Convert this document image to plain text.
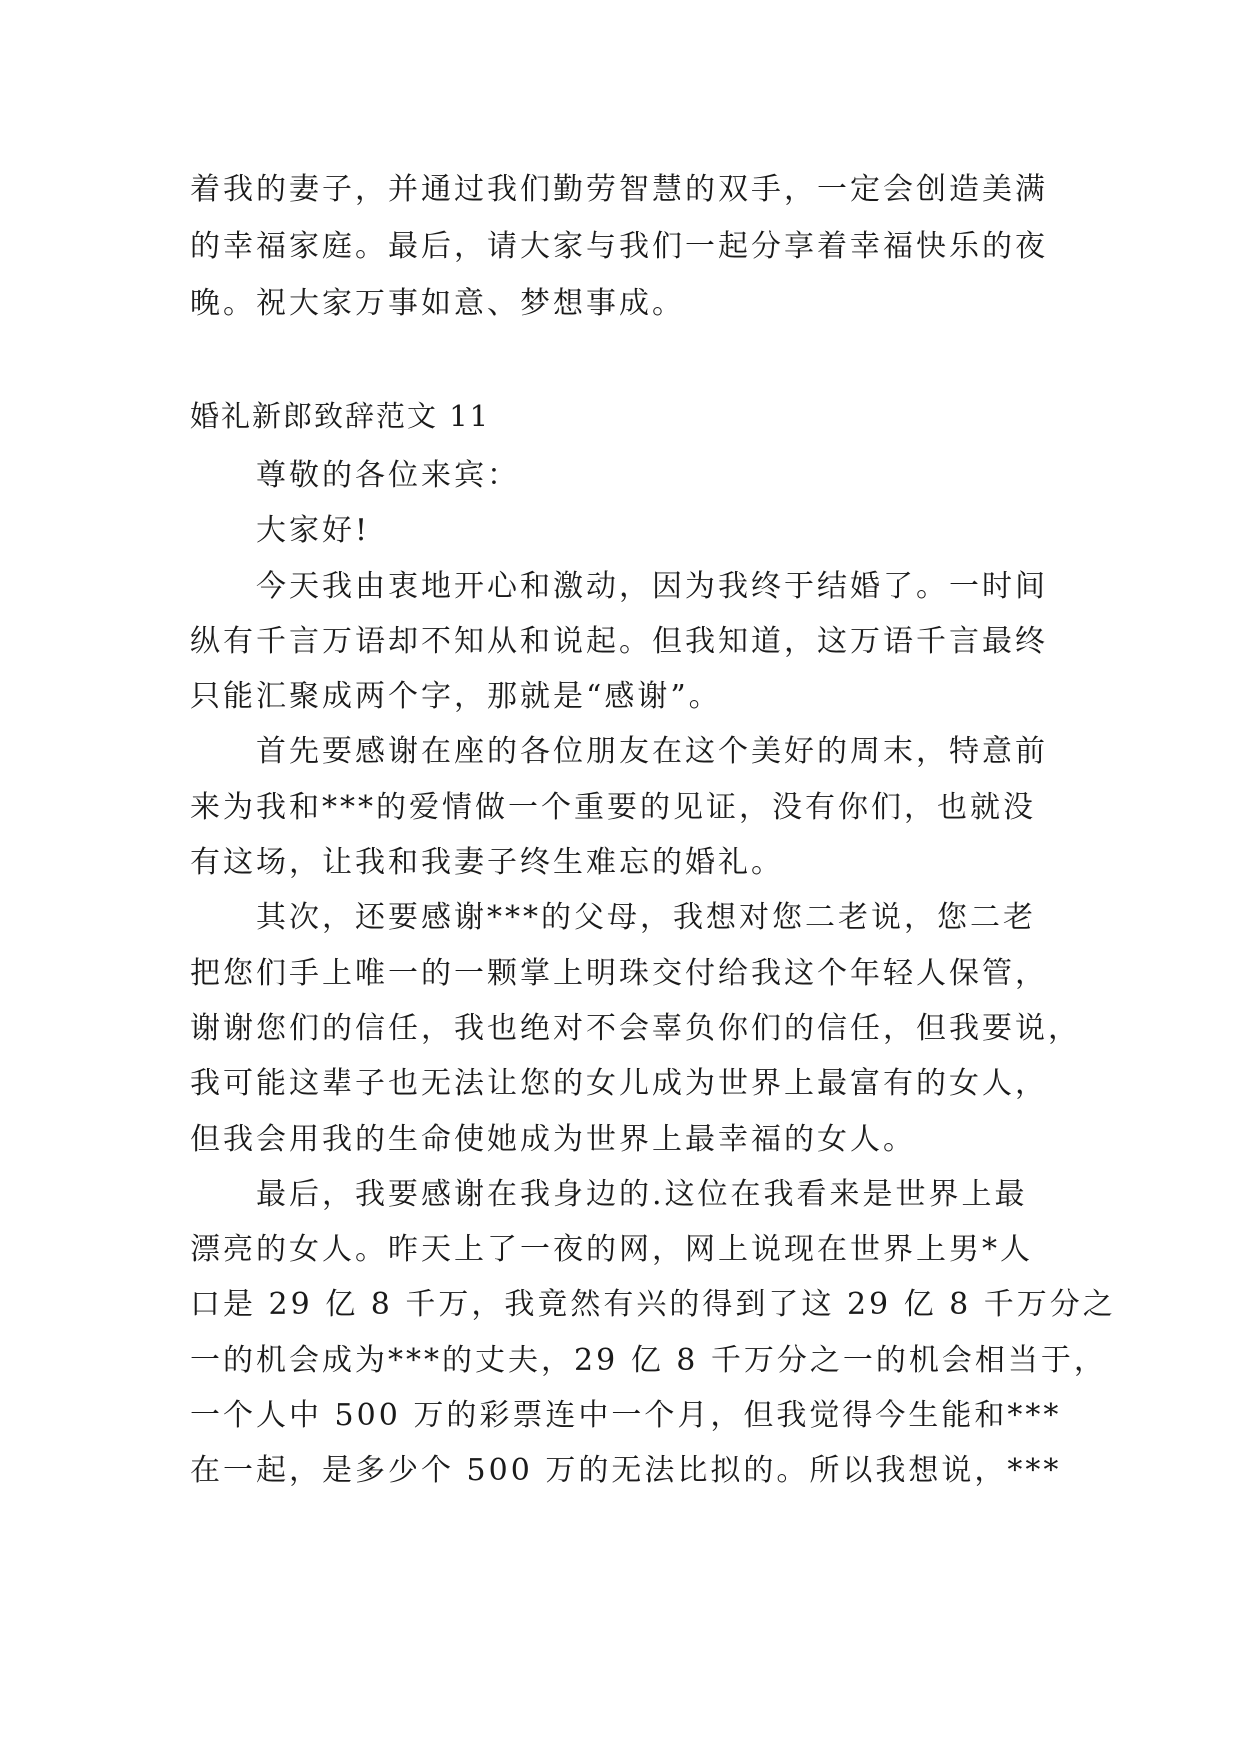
着我的妻子，并通过我们勤劳智慧的双手，一定会创造美满
的幸福家庭。最后，请大家与我们一起分享着幸福快乐的夜
晚。祝大家万事如意、梦想事成。
婚礼新郎致辞范文 11
尊敬的各位来宾：
大家好!
今天我由衷地开心和激动，因为我终于结婚了。一时间
纵有千言万语却不知从和说起。但我知道，这万语千言最终
只能汇聚成两个字，那就是“感谢”。
首先要感谢在座的各位朋友在这个美好的周末，特意前
来为我和***的爱情做一个重要的见证，没有你们，也就没
有这场，让我和我妻子终生难忘的婚礼。
其次，还要感谢***的父母，我想对您二老说，您二老
把您们手上唯一的一颗掌上明珠交付给我这个年轻人保管，
谢谢您们的信任，我也绝对不会辜负你们的信任，但我要说，
我可能这辈子也无法让您的女儿成为世界上最富有的女人，
但我会用我的生命使她成为世界上最幸福的女人。
最后，我要感谢在我身边的.这位在我看来是世界上最
漂亮的女人。昨天上了一夜的网，网上说现在世界上男*人
口是 29 亿 8 千万，我竟然有兴的得到了这 29 亿 8 千万分之
一的机会成为***的丈夫，29 亿 8 千万分之一的机会相当于，
一个人中 500 万的彩票连中一个月，但我觉得今生能和***
在一起，是多少个 500 万的无法比拟的。所以我想说，***
